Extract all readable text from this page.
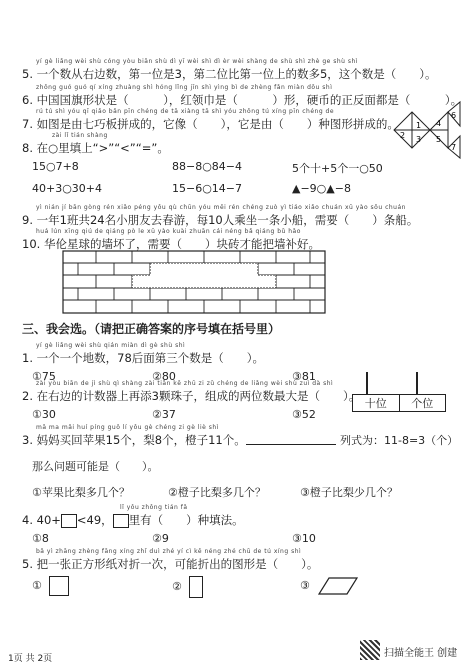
yí gè liǎng wèi shù cóng yòu biān shù dì yī wèi shì dì èr wèi shàng de shù shì zhè ge shù shì
5. 一个数从右边数，第一位是3，第二位比第一位上的数多5，这个数是（　　）。
zhōng guó guó qí xíng zhuàng shì hóng lǐng jīn shì yìng bì de zhèng fǎn miàn dōu shì
6. 中国国旗形状是（　　　），红领巾是（　　　）形，硬币的正反面都是（　　　）。
rú tú shì yóu qī qiǎo bǎn pīn chéng de tā xiàng tā shì yóu zhǒng tú xíng pīn chéng de
7. 如图是由七巧板拼成的，它像（　　），它是由（　　）种图形拼成的。 1
2 3
4
5
6
7
zài lǐ tián shàng
8. 在○里填上“>”“<”“=”。
15○7+8	88−8○84−4	5个十+5个一○50
40+3○30+4	15−6○14−7	▲−9○▲−8
yì nián jí bān gòng rén xiǎo péng yǒu qù chūn yóu měi rén chéng zuò yì tiáo xiǎo chuán xū yào sōu chuán
9. 一年1班共24名小朋友去春游，每10人乘坐一条小船，需要（　　）条船。
huá lún xīng qiú de qiáng pò le xū yào kuài zhuān cái néng bǎ qiáng bǔ hǎo
10. 华伦星球的墙坏了，需要（　　）块砖才能把墙补好。
三、我会选。（请把正确答案的序号填在括号里）
yí gè liǎng wèi shù qián miàn dì gè shù shì
1. 一个一个地数，78后面第三个数是（　　）。
①75	②80	③81
zài yòu biān de jì shù qì shàng zài tiān kē zhū zi zǔ chéng de liǎng wèi shù zuì dà shì
2. 在右边的计数器上再添3颗珠子，组成的两位数最大是（　　）。
①30	②37	③52
十位	个位
mā ma mǎi huí píng guǒ lí yǒu gè chéng zi gè liè shì
3. 妈妈买回苹果15个，梨8个，橙子11个。	列式为：11-8=3（个）
那么问题可能是（　　）。
①苹果比梨多几个？	②橙子比梨多几个？	③橙子比梨少几个？
lǐ yǒu zhǒng tián fǎ
4. 40+ <49， 里有（　　）种填法。
①8	②9	③10
bǎ yì zhāng zhèng fāng xíng zhǐ duì zhé yí cì kě néng zhé chū de tú xíng shì
5. 把一张正方形纸对折一次，可能折出的图形是（　　）。
①	②	③
1页 共 2页	扫描全能王 创建
